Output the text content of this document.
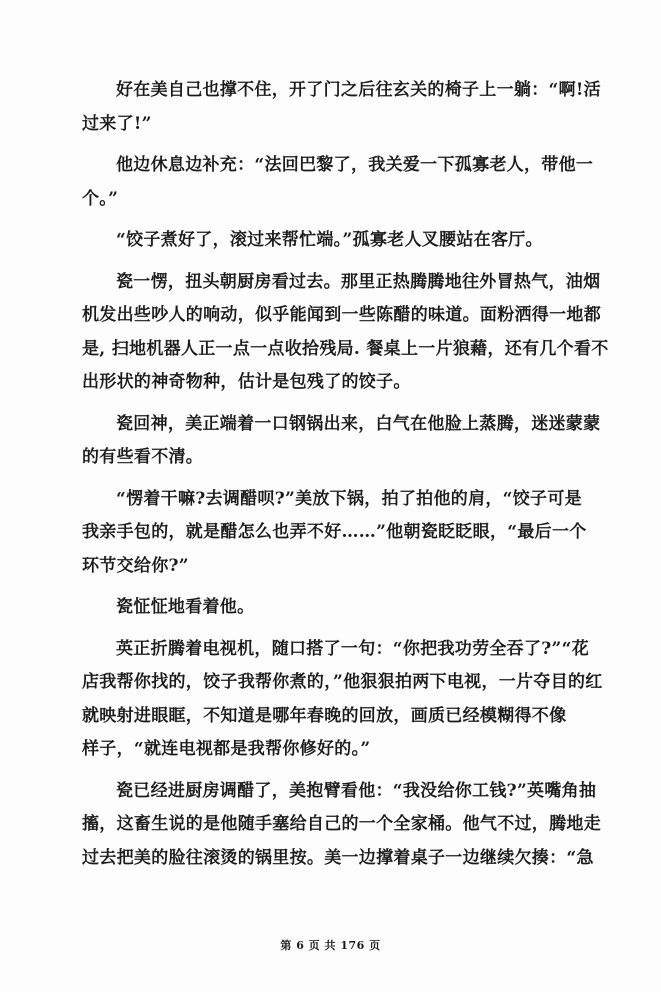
好在美自己也撑不住，开了门之后往玄关的椅子上一躺：“啊!活
过来了!”

他边休息边补充：“法回巴黎了，我关爱一下孤寡老人，带他一
个。”

“饺子煮好了，滚过来帮忙端。”孤寡老人叉腰站在客厅。

瓷一愣，扭头朝厨房看过去。那里正热腾腾地往外冒热气，油烟
机发出些吵人的响动，似乎能闻到一些陈醋的味道。面粉洒得一地都
是, 扫地机器人正一点一点收拾残局. 餐桌上一片狼藉，还有几个看不
出形状的神奇物种，估计是包残了的饺子。

瓷回神，美正端着一口钢锅出来，白气在他脸上蒸腾，迷迷蒙蒙
的有些看不清。

“愣着干嘛?去调醋呗?”美放下锅，拍了拍他的肩，“饺子可是
我亲手包的，就是醋怎么也弄不好……”他朝瓷眨眨眼，“最后一个
环节交给你?”

瓷怔怔地看着他。

英正折腾着电视机，随口搭了一句：“你把我功劳全吞了?”“花
店我帮你找的，饺子我帮你煮的，”他狠狠拍两下电视，一片夺目的红
就映射进眼眶，不知道是哪年春晚的回放，画质已经模糊得不像
样子，“就连电视都是我帮你修好的。”

瓷已经进厨房调醋了，美抱臂看他：“我没给你工钱?”英嘴角抽
搐，这畜生说的是他随手塞给自己的一个全家桶。他气不过，腾地走
过去把美的脸往滚烫的锅里按。美一边撑着桌子一边继续欠揍：“急

第 6 页 共 176 页
